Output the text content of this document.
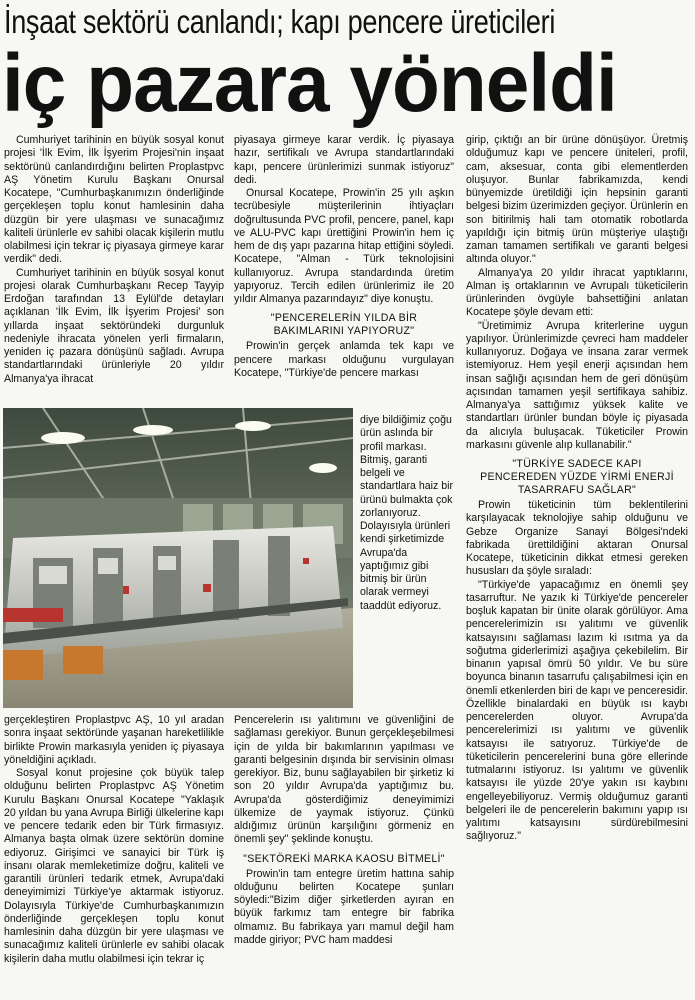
İnşaat sektörü canlandı; kapı pencere üreticileri
iç pazara yöneldi

Cumhuriyet tarihinin en büyük sosyal konut projesi 'İlk Evim, İlk İşyerim Projesi'nin inşaat sektörünü canlandırdığını belirten Proplastpvc AŞ Yönetim Kurulu Başkanı Onursal Kocatepe, "Cumhurbaşkanımızın önderliğinde gerçekleşen toplu konut hamlesinin daha düzgün bir yere ulaşması ve sunacağımız kaliteli ürünlerle ev sahibi olacak kişilerin mutlu olabilmesi için tekrar iç piyasaya girmeye karar verdik" dedi.

Cumhuriyet tarihinin en büyük sosyal konut projesi olarak Cumhurbaşkanı Recep Tayyip Erdoğan tarafından 13 Eylül'de detayları açıklanan 'İlk Evim, İlk İşyerim Projesi' son yıllarda inşaat sektöründeki durgunluk nedeniyle ihracata yönelen yerli firmaların, yeniden iç pazara dönüşünü sağladı. Avrupa standartlarındaki ürünleriyle 20 yıldır Almanya'ya ihracat

gerçekleştiren Proplastpvc AŞ, 10 yıl aradan sonra inşaat sektöründe yaşanan hareketlilikle birlikte Prowin markasıyla yeniden iç piyasaya yöneldiğini açıkladı.

Sosyal konut projesine çok büyük talep olduğunu belirten Proplastpvc AŞ Yönetim Kurulu Başkanı Onursal Kocatepe "Yaklaşık 20 yıldan bu yana Avrupa Birliği ülkelerine kapı ve pencere tedarik eden bir Türk firmasıyız. Almanya başta olmak üzere sektörün domine ediyoruz. Girişimci ve sanayici bir Türk iş insanı olarak memleketimize doğru, kaliteli ve garantili ürünleri tedarik etmek, Avrupa'daki deneyimimizi Türkiye'ye aktarmak istiyoruz. Dolayısıyla Türkiye'de Cumhurbaşkanımızın önderliğinde gerçekleşen toplu konut hamlesinin daha düzgün bir yere ulaşması ve sunacağımız kaliteli ürünlerle ev sahibi olacak kişilerin daha mutlu olabilmesi için tekrar iç

piyasaya girmeye karar verdik. İç piyasaya hazır, sertifikalı ve Avrupa standartlarındaki kapı, pencere ürünlerimizi sunmak istiyoruz" dedi.

Onursal Kocatepe, Prowin'in 25 yılı aşkın tecrübesiyle müşterilerinin ihtiyaçları doğrultusunda PVC profil, pencere, panel, kapı ve ALU-PVC kapı ürettiğini Prowin'in hem iç hem de dış yapı pazarına hitap ettiğini söyledi. Kocatepe, "Alman - Türk teknolojisini kullanıyoruz. Avrupa standardında üretim yapıyoruz. Tercih edilen ürünlerimiz ile 20 yıldır Almanya pazarındayız" diye konuştu.

"PENCERELERİN YILDA BİR BAKIMLARINI YAPIYORUZ"

Prowin'in gerçek anlamda tek kapı ve pencere markası olduğunu vurgulayan Kocatepe, "Türkiye'de pencere markası

diye bildiğimiz çoğu ürün aslında bir profil markası. Bitmiş, garanti belgeli ve standartlara haiz bir ürünü bulmakta çok zorlanıyoruz. Dolayısıyla ürünleri kendi şirketimizde Avrupa'da yaptığımız gibi bitmiş bir ürün olarak vermeyi taaddüt ediyoruz.

Pencerelerin ısı yalıtımını ve güvenliğini de sağlaması gerekiyor. Bunun gerçekleşebilmesi için de yılda bir bakımlarının yapılması ve garanti belgesinin dışında bir servisinin olması gerekiyor. Biz, bunu sağlayabilen bir şirketiz ki son 20 yıldır Avrupa'da yaptığımız bu. Avrupa'da gösterdiğimiz deneyimimizi ülkemize de yaymak istiyoruz. Çünkü aldığımız ürünün karşılığını görmeniz en önemli şey" şeklinde konuştu.

"SEKTÖREKİ MARKA KAOSU BİTMELİ"

Prowin'in tam entegre üretim hattına sahip olduğunu belirten Kocatepe şunları söyledi:"Bizim diğer şirketlerden ayıran en büyük farkımız tam entegre bir fabrika olmamız. Bu fabrikaya yarı mamul değil ham madde giriyor; PVC ham maddesi

girip, çıktığı an bir ürüne dönüşüyor. Üretmiş olduğumuz kapı ve pencere üniteleri, profil, cam, aksesuar, conta gibi elementlerden oluşuyor. Bunlar fabrikamızda, kendi bünyemizde üretildiği için hepsinin garanti belgesi bizim üzerimizden geçiyor. Ürünlerin en son bitirilmiş hali tam otomatik robotlarda yapıldığı için bitmiş ürün müşteriye ulaştığı zaman tamamen sertifikalı ve garanti belgesi altında oluyor."

Almanya'ya 20 yıldır ihracat yaptıklarını, Alman iş ortaklarının ve Avrupalı tüketicilerin ürünlerinden övgüyle bahsettiğini anlatan Kocatepe şöyle devam etti:

"Üretimimiz Avrupa kriterlerine uygun yapılıyor. Ürünlerimizde çevreci ham maddeler kullanıyoruz. Doğaya ve insana zarar vermek istemiyoruz. Hem yeşil enerji açısından hem insan sağlığı açısından hem de geri dönüşüm açısından tamamen yeşil sertifikaya sahibiz. Almanya'ya sattığımız yüksek kalite ve standartları ürünler bundan böyle iç piyasada da alıcıyla buluşacak. Tüketiciler Prowin markasını güvenle alıp kullanabilir."

"TÜRKİYE SADECE KAPI PENCEREDEN YÜZDE YİRMİ ENERJİ TASARRAFU SAĞLAR"

Prowin tüketicinin tüm beklentilerini karşılayacak teknolojiye sahip olduğunu ve Gebze Organize Sanayi Bölgesi'ndeki fabrikada ürettildiğini aktaran Onursal Kocatepe, tüketicinin dikkat etmesi gereken hususları da şöyle sıraladı:

"Türkiye'de yapacağımız en önemli şey tasarruftur. Ne yazık ki Türkiye'de pencereler boşluk kapatan bir ünite olarak görülüyor. Ama pencerelerimizin ısı yalıtımı ve güvenlik katsayısını sağlaması lazım ki ısıtma ya da soğutma giderlerimizi aşağıya çekebilelim. Bir binanın yapısal ömrü 50 yıldır. Ve bu süre boyunca binanın tasarrufu çalışabilmesi için en önemli etkenlerden biri de kapı ve penceresidir. Özellikle binalardaki en büyük ısı kaybı pencerelerden oluyor. Avrupa'da pencerelerimizi ısı yalıtımı ve güvenlik katsayısı ile satıyoruz. Türkiye'de de tüketicilerin pencerelerini buna göre ellerinde tutmalarını istiyoruz. Isı yalıtımı ve güvenlik katsayısı ile yüzde 20'ye yakın ısı kaybını engelleyebiliyoruz. Vermiş olduğumuz garanti belgeleri ile de pencerelerin bakımını yapıp ısı yalıtımı katsayısını sürdürebilmesini sağlıyoruz."
